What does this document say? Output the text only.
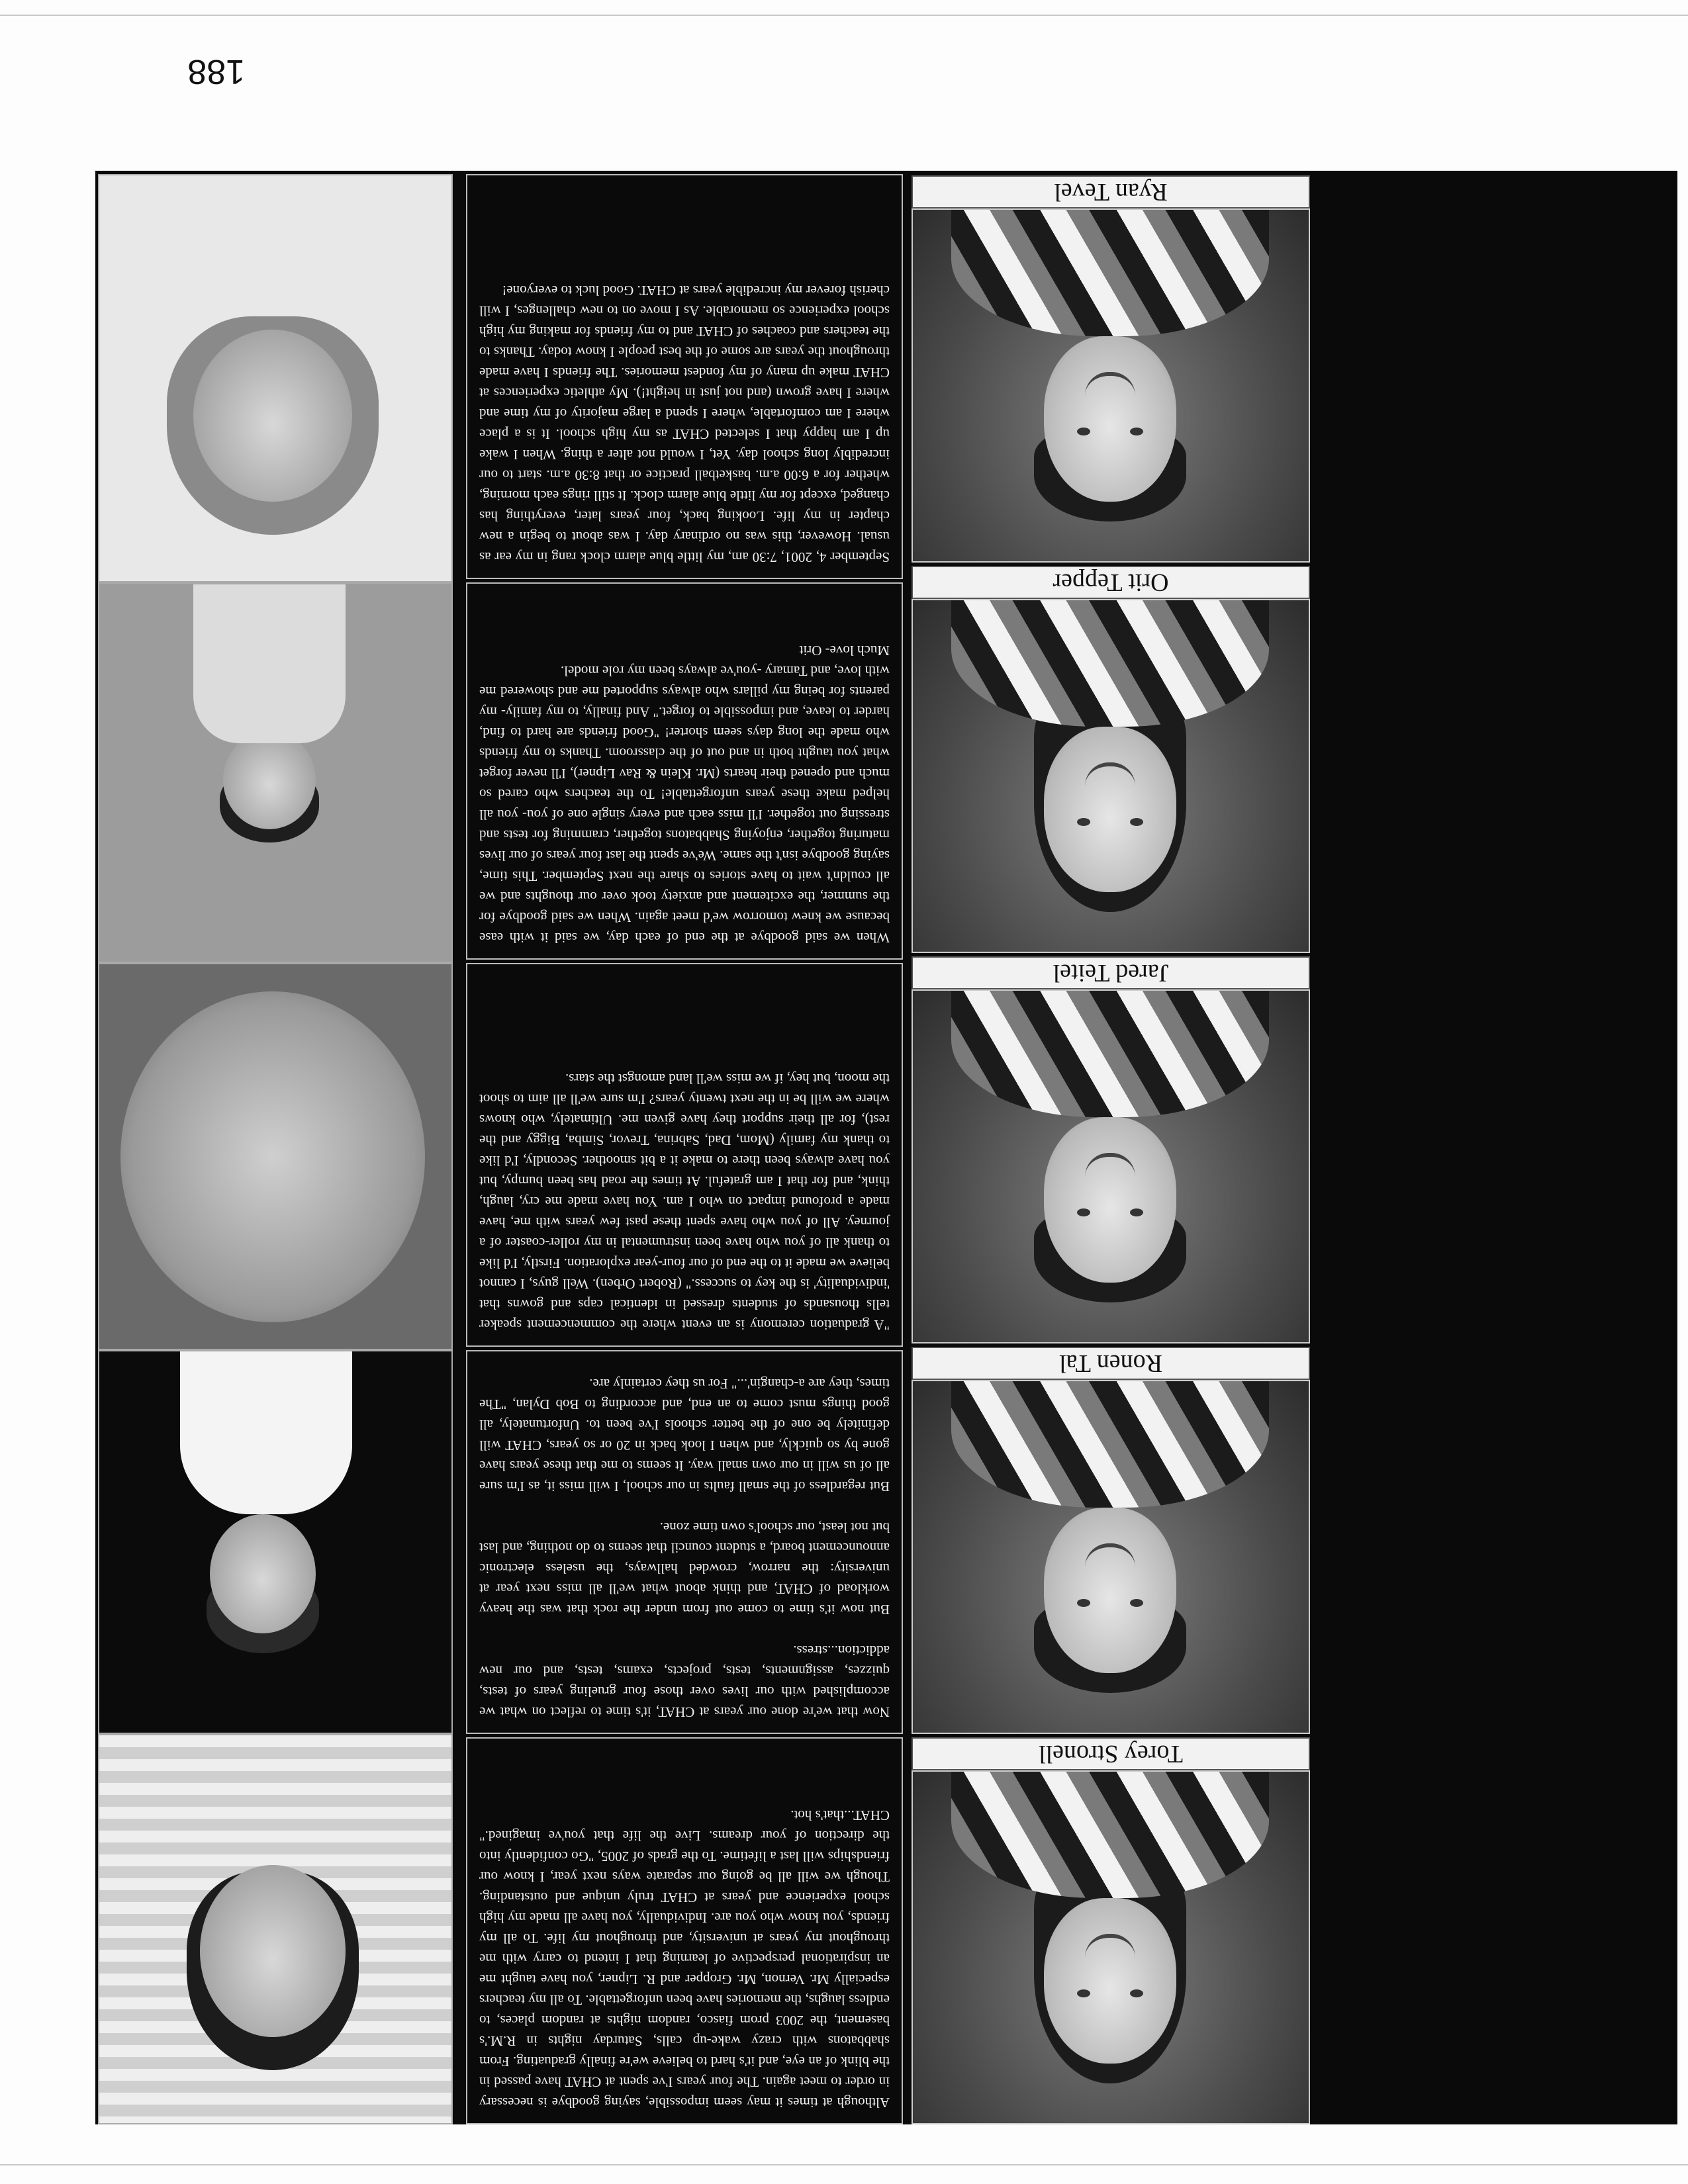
188
Torey Stronell
Ronen Tal
Jared Teitel
Orit Tepper
Ryan Tevel
Although at times it may seem impossible, saying goodbye is necessary in order to meet again. The four years I've spent at CHAT have passed in the blink of an eye, and it's hard to believe we're finally graduating. From shabbatons with crazy wake-up calls, Saturday nights in R.M.'s basement, the 2003 prom fiasco, random nights at random places, to endless laughs, the memories have been unforgettable. To all my teachers especially Mr. Vernon, Mr. Gropper and R. Lipner, you have taught me an inspirational perspective of learning that I intend to carry with me throughout my years at university, and throughout my life. To all my friends, you know who you are. Individually, you have all made my high school experience and years at CHAT truly unique and outstanding. Though we will all be going our separate ways next year, I know our friendships will last a lifetime. To the grads of 2005, "Go confidently into the direction of your dreams. Live the life that you've imagined." CHAT...that's hot.
Now that we're done our years at CHAT, it's time to reflect on what we accomplished with our lives over those four grueling years of tests, quizzes, assignments, tests, projects, exams, tests, and our new addiction...stress.

But now it's time to come out from under the rock that was the heavy workload of CHAT, and think about what we'll all miss next year at university: the narrow, crowded hallways, the useless electronic announcement board, a student council that seems to do nothing, and last but not least, our school's own time zone.

But regardless of the small faults in our school, I will miss it, as I'm sure all of us will in our own small way. It seems to me that these years have gone by so quickly, and when I look back in 20 or so years, CHAT will definitely be one of the better schools I've been to. Unfortunately, all good things must come to an end, and according to Bob Dylan, "The times, they are a-changin'..." For us they certainly are.
"A graduation ceremony is an event where the commencement speaker tells thousands of students dressed in identical caps and gowns that 'individuality' is the key to success." (Robert Orben). Well guys, I cannot believe we made it to the end of our four-year exploration. Firstly, I'd like to thank all of you who have been instrumental in my roller-coaster of a journey. All of you who have spent these past few years with me, have made a profound impact on who I am. You have made me cry, laugh, think, and for that I am grateful. At times the road has been bumpy, but you have always been there to make it a bit smoother. Secondly, I'd like to thank my family (Mom, Dad, Sabrina, Trevor, Simba, Biggy and the rest), for all their support they have given me. Ultimately, who knows where we will be in the next twenty years? I'm sure we'll all aim to shoot the moon, but hey, if we miss we'll land amongst the stars.
When we said goodbye at the end of each day, we said it with ease because we knew tomorrow we'd meet again. When we said goodbye for the summer, the excitement and anxiety took over our thoughts and we all couldn't wait to have stories to share the next September. This time, saying goodbye isn't the same. We've spent the last four years of our lives maturing together, enjoying Shabbatons together, cramming for tests and stressing out together. I'll miss each and every single one of you- you all helped make these years unforgettable! To the teachers who cared so much and opened their hearts (Mr. Klein & Rav Lipner), I'll never forget what you taught both in and out of the classroom. Thanks to my friends who made the long days seem shorter! "Good friends are hard to find, harder to leave, and impossible to forget." And finally, to my family- my parents for being my pillars who always supported me and showered me with love, and Tamary -you've always been my role model.
Much love- Orit
September 4, 2001, 7:30 am, my little blue alarm clock rang in my ear as usual. However, this was no ordinary day. I was about to begin a new chapter in my life. Looking back, four years later, everything has changed, except for my little blue alarm clock. It still rings each morning, whether for a 6:00 a.m. basketball practice or that 8:30 a.m. start to our incredibly long school day. Yet, I would not alter a thing. When I wake up I am happy that I selected CHAT as my high school. It is a place where I am comfortable, where I spend a large majority of my time and where I have grown (and not just in height!). My athletic experiences at CHAT make up many of my fondest memories. The friends I have made throughout the years are some of the best people I know today. Thanks to the teachers and coaches of CHAT and to my friends for making my high school experience so memorable. As I move on to new challenges, I will cherish forever my incredible years at CHAT. Good luck to everyone!
